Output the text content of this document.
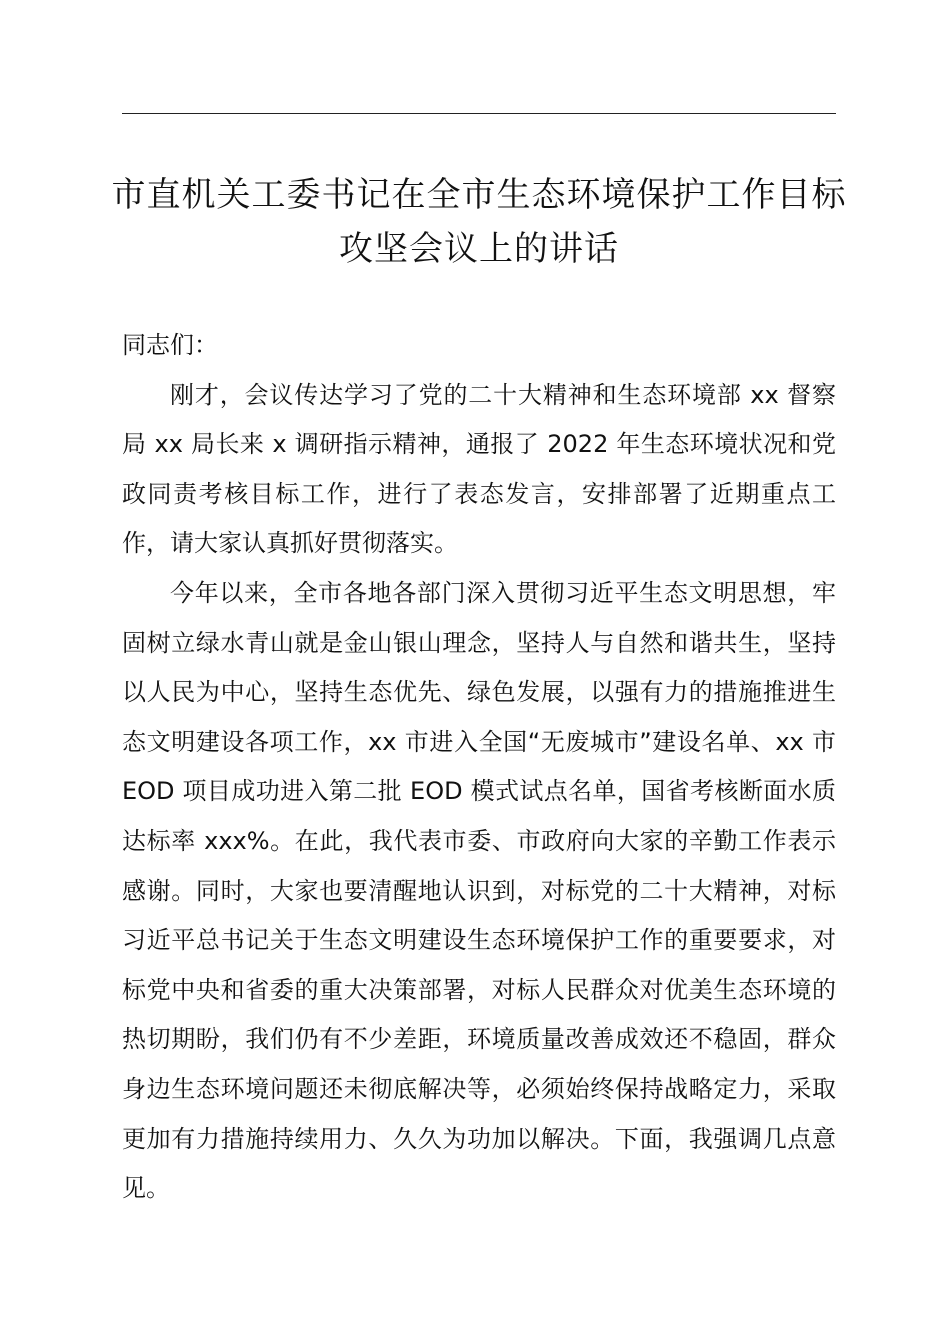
市直机关工委书记在全市生态环境保护工作目标攻坚会议上的讲话

同志们：

刚才，会议传达学习了党的二十大精神和生态环境部 xx 督察局 xx 局长来 x 调研指示精神，通报了 2022 年生态环境状况和党政同责考核目标工作，进行了表态发言，安排部署了近期重点工作，请大家认真抓好贯彻落实。

今年以来，全市各地各部门深入贯彻习近平生态文明思想，牢固树立绿水青山就是金山银山理念，坚持人与自然和谐共生，坚持以人民为中心，坚持生态优先、绿色发展，以强有力的措施推进生态文明建设各项工作，xx 市进入全国“无废城市”建设名单、xx 市 EOD 项目成功进入第二批 EOD 模式试点名单，国省考核断面水质达标率 xxx%。在此，我代表市委、市政府向大家的辛勤工作表示感谢。同时，大家也要清醒地认识到，对标党的二十大精神，对标习近平总书记关于生态文明建设生态环境保护工作的重要要求，对标党中央和省委的重大决策部署，对标人民群众对优美生态环境的热切期盼，我们仍有不少差距，环境质量改善成效还不稳固，群众身边生态环境问题还未彻底解决等，必须始终保持战略定力，采取更加有力措施持续用力、久久为功加以解决。下面，我强调几点意见。
